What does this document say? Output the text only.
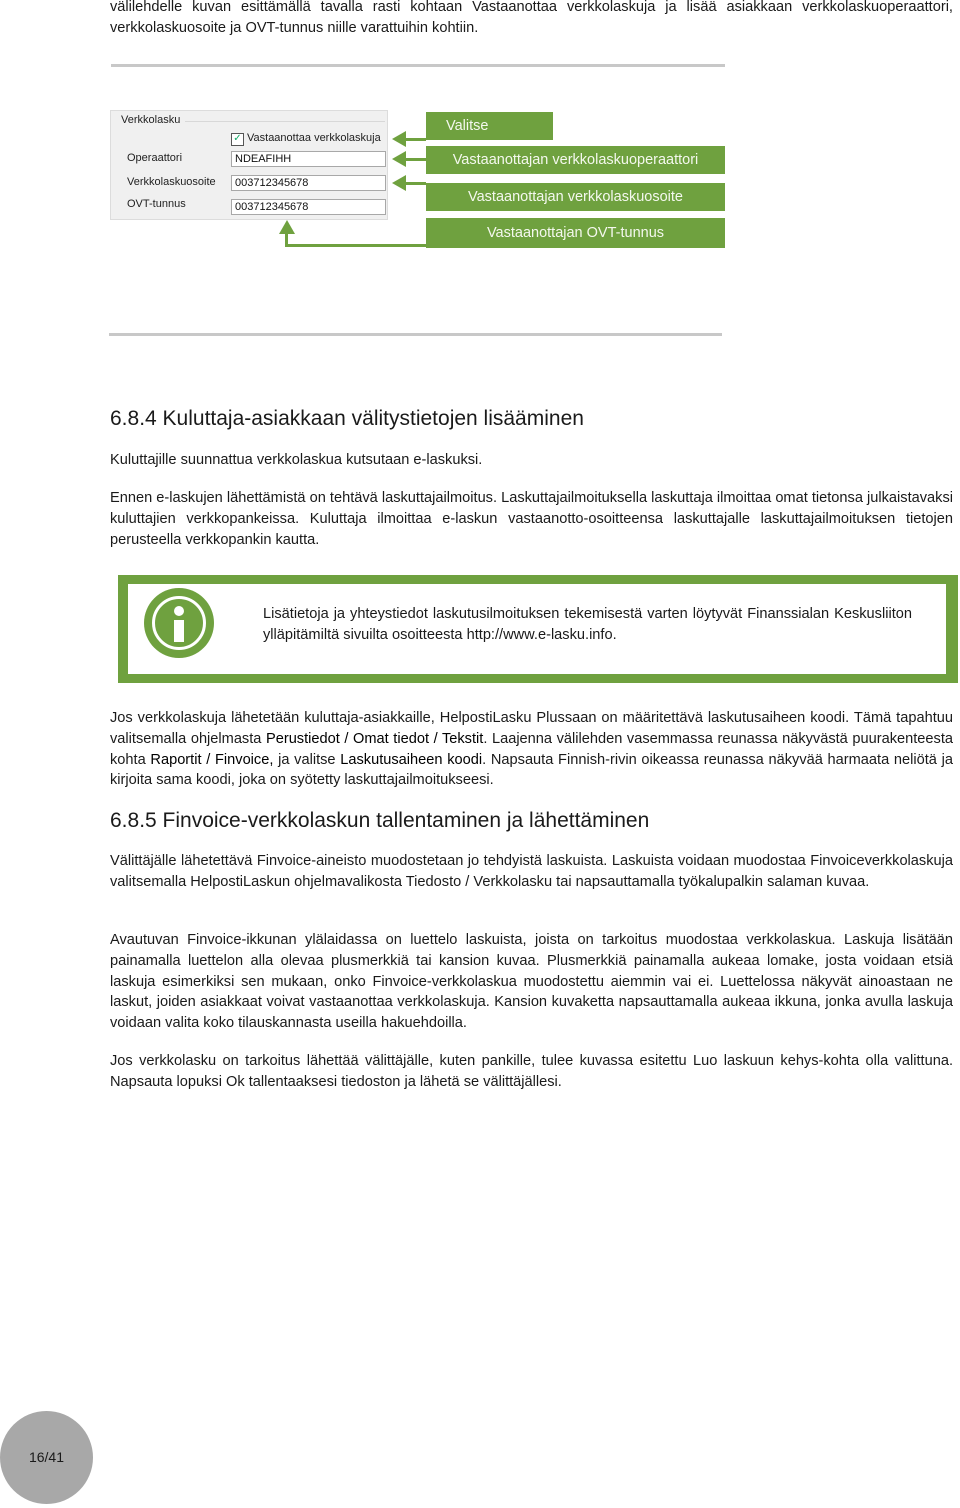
välilehdelle kuvan esittämällä tavalla rasti kohtaan Vastaanottaa verkkolaskuja ja lisää asiakkaan verkkolaskuoperaattori, verkkolaskuosoite ja OVT-tunnus niille varattuihin kohtiin.

Verkkolasku
✓ Vastaanottaa verkkolaskuja
Operaattori	NDEAFIHH
Verkkolaskuosoite	003712345678
OVT-tunnus	003712345678
Valitse
Vastaanottajan verkkolaskuoperaattori
Vastaanottajan verkkolaskuosoite
Vastaanottajan OVT-tunnus
6.8.4 Kuluttaja-asiakkaan välitystietojen lisääminen

Kuluttajille suunnattua verkkolaskua kutsutaan e-laskuksi.

Ennen e-laskujen lähettämistä on tehtävä laskuttajailmoitus. Laskuttajailmoituksella laskuttaja ilmoittaa omat tietonsa julkaistavaksi kuluttajien verkkopankeissa. Kuluttaja ilmoittaa e-laskun vastaanotto-osoitteensa laskuttajalle laskuttajailmoituksen tietojen perusteella verkkopankin kautta.

Lisätietoja ja yhteystiedot laskutusilmoituksen tekemisestä varten löytyvät Finanssialan Keskusliiton ylläpitämiltä sivuilta osoitteesta http://www.e-lasku.info.

Jos verkkolaskuja lähetetään kuluttaja-asiakkaille, HelpostiLasku Plussaan on määritettävä laskutusaiheen koodi. Tämä tapahtuu valitsemalla ohjelmasta Perustiedot / Omat tiedot / Tekstit. Laajenna välilehden vasemmassa reunassa näkyvästä puurakenteesta kohta Raportit / Finvoice, ja valitse Laskutusaiheen koodi. Napsauta Finnish-rivin oikeassa reunassa näkyvää harmaata neliötä ja kirjoita sama koodi, joka on syötetty laskuttajailmoitukseesi.

6.8.5 Finvoice-verkkolaskun tallentaminen ja lähettäminen

Välittäjälle lähetettävä Finvoice-aineisto muodostetaan jo tehdyistä laskuista. Laskuista voidaan muodostaa Finvoiceverkkolaskuja valitsemalla HelpostiLaskun ohjelmavalikosta Tiedosto / Verkkolasku tai napsauttamalla työkalupalkin salaman kuvaa.

Avautuvan Finvoice-ikkunan ylälaidassa on luettelo laskuista, joista on tarkoitus muodostaa verkkolaskua. Laskuja lisätään painamalla luettelon alla olevaa plusmerkkiä tai kansion kuvaa. Plusmerkkiä painamalla aukeaa lomake, josta voidaan etsiä laskuja esimerkiksi sen mukaan, onko Finvoice-verkkolaskua muodostettu aiemmin vai ei. Luettelossa näkyvät ainoastaan ne laskut, joiden asiakkaat voivat vastaanottaa verkkolaskuja. Kansion kuvaketta napsauttamalla aukeaa ikkuna, jonka avulla laskuja voidaan valita koko tilauskannasta useilla hakuehdoilla.

Jos verkkolasku on tarkoitus lähettää välittäjälle, kuten pankille, tulee kuvassa esitettu Luo laskuun kehys-kohta olla valittuna. Napsauta lopuksi Ok tallentaaksesi tiedoston ja lähetä se välittäjällesi.

16/41
